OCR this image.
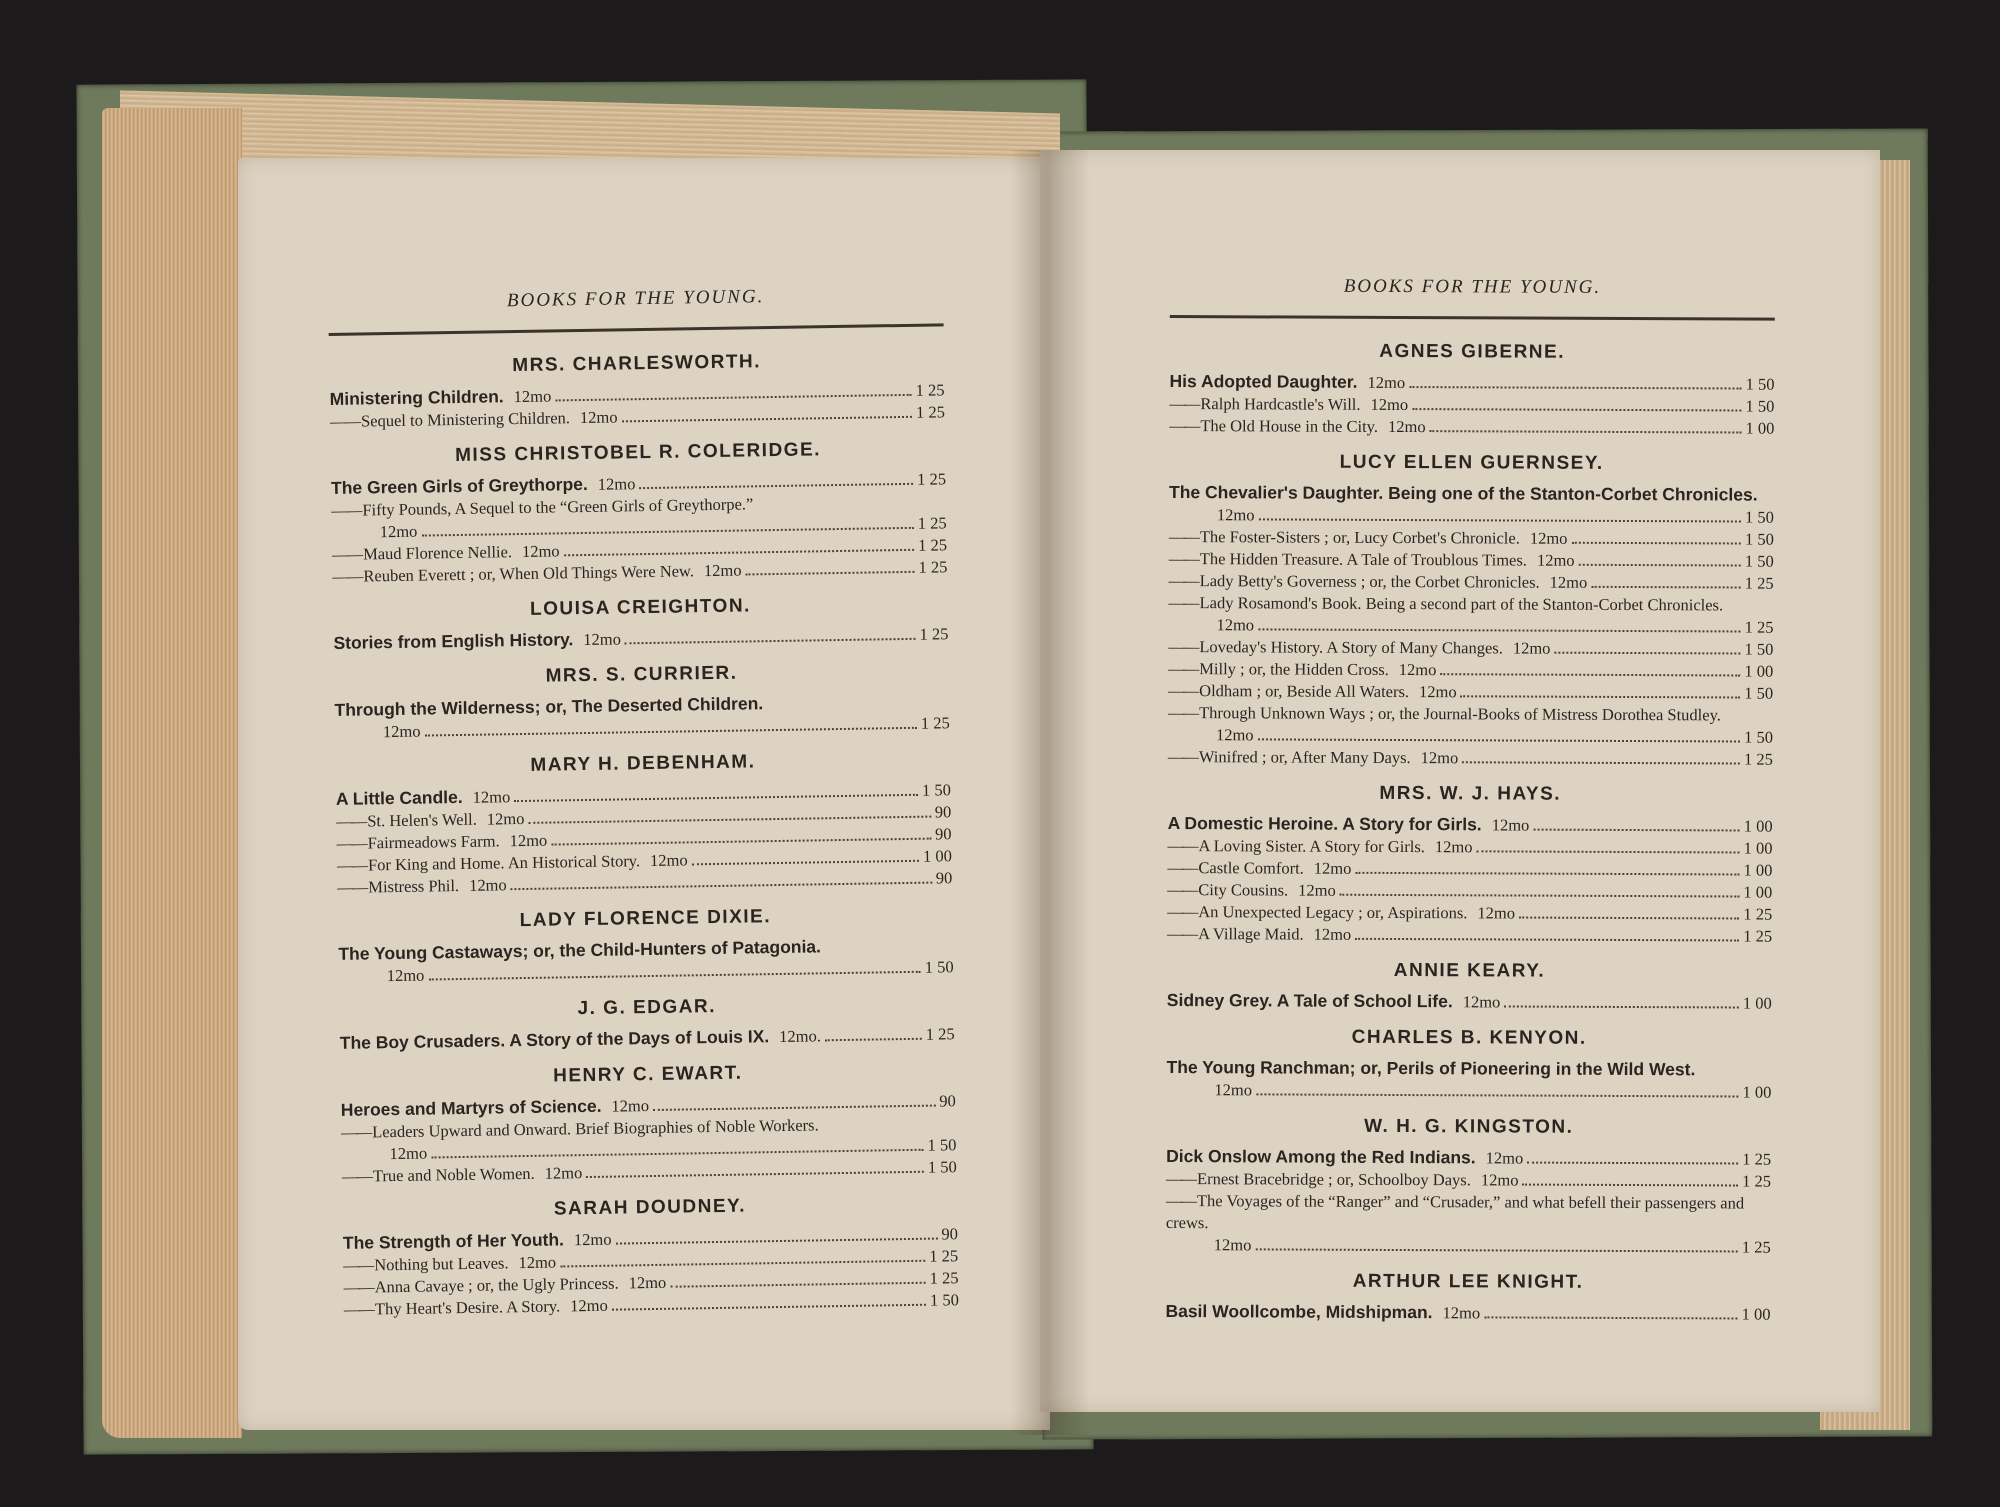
BOOKS FOR THE YOUNG.
MRS. CHARLESWORTH.
Ministering Children. 12mo	1 25
—— Sequel to Ministering Children. 12mo	1 25
MISS CHRISTOBEL R. COLERIDGE.
The Green Girls of Greythorpe. 12mo	1 25
—— Fifty Pounds, A Sequel to the “Green Girls of Greythorpe.”
12mo	1 25
—— Maud Florence Nellie. 12mo	1 25
—— Reuben Everett ; or, When Old Things Were New. 12mo	1 25
LOUISA CREIGHTON.
Stories from English History. 12mo	1 25
MRS. S. CURRIER.
Through the Wilderness; or, The Deserted Children.
12mo	1 25
MARY H. DEBENHAM.
A Little Candle. 12mo	1 50
—— St. Helen's Well. 12mo	90
—— Fairmeadows Farm. 12mo	90
—— For King and Home. An Historical Story. 12mo	1 00
—— Mistress Phil. 12mo	90
LADY FLORENCE DIXIE.
The Young Castaways; or, the Child-Hunters of Patagonia.
12mo	1 50
J. G. EDGAR.
The Boy Crusaders. A Story of the Days of Louis IX. 12mo.	1 25
HENRY C. EWART.
Heroes and Martyrs of Science. 12mo	90
—— Leaders Upward and Onward. Brief Biographies of Noble Workers.
12mo	1 50
—— True and Noble Women. 12mo	1 50
SARAH DOUDNEY.
The Strength of Her Youth. 12mo	90
—— Nothing but Leaves. 12mo	1 25
—— Anna Cavaye ; or, the Ugly Princess. 12mo	1 25
—— Thy Heart's Desire. A Story. 12mo	1 50
BOOKS FOR THE YOUNG.
AGNES GIBERNE.
His Adopted Daughter. 12mo	1 50
—— Ralph Hardcastle's Will. 12mo	1 50
—— The Old House in the City. 12mo	1 00
LUCY ELLEN GUERNSEY.
The Chevalier's Daughter. Being one of the Stanton-Corbet Chronicles.
12mo	1 50
—— The Foster-Sisters ; or, Lucy Corbet's Chronicle. 12mo	1 50
—— The Hidden Treasure. A Tale of Troublous Times. 12mo	1 50
—— Lady Betty's Governess ; or, the Corbet Chronicles. 12mo	1 25
—— Lady Rosamond's Book. Being a second part of the Stanton-Corbet Chronicles.
12mo	1 25
—— Loveday's History. A Story of Many Changes. 12mo	1 50
—— Milly ; or, the Hidden Cross. 12mo	1 00
—— Oldham ; or, Beside All Waters. 12mo	1 50
—— Through Unknown Ways ; or, the Journal-Books of Mistress Dorothea Studley.
12mo	1 50
—— Winifred ; or, After Many Days. 12mo	1 25
MRS. W. J. HAYS.
A Domestic Heroine. A Story for Girls. 12mo	1 00
—— A Loving Sister. A Story for Girls. 12mo	1 00
—— Castle Comfort. 12mo	1 00
—— City Cousins. 12mo	1 00
—— An Unexpected Legacy ; or, Aspirations. 12mo	1 25
—— A Village Maid. 12mo	1 25
ANNIE KEARY.
Sidney Grey. A Tale of School Life. 12mo	1 00
CHARLES B. KENYON.
The Young Ranchman; or, Perils of Pioneering in the Wild West.
12mo	1 00
W. H. G. KINGSTON.
Dick Onslow Among the Red Indians. 12mo	1 25
—— Ernest Bracebridge ; or, Schoolboy Days. 12mo	1 25
—— The Voyages of the “Ranger” and “Crusader,” and what befell their passengers and crews.
12mo	1 25
ARTHUR LEE KNIGHT.
Basil Woollcombe, Midshipman. 12mo	1 00
